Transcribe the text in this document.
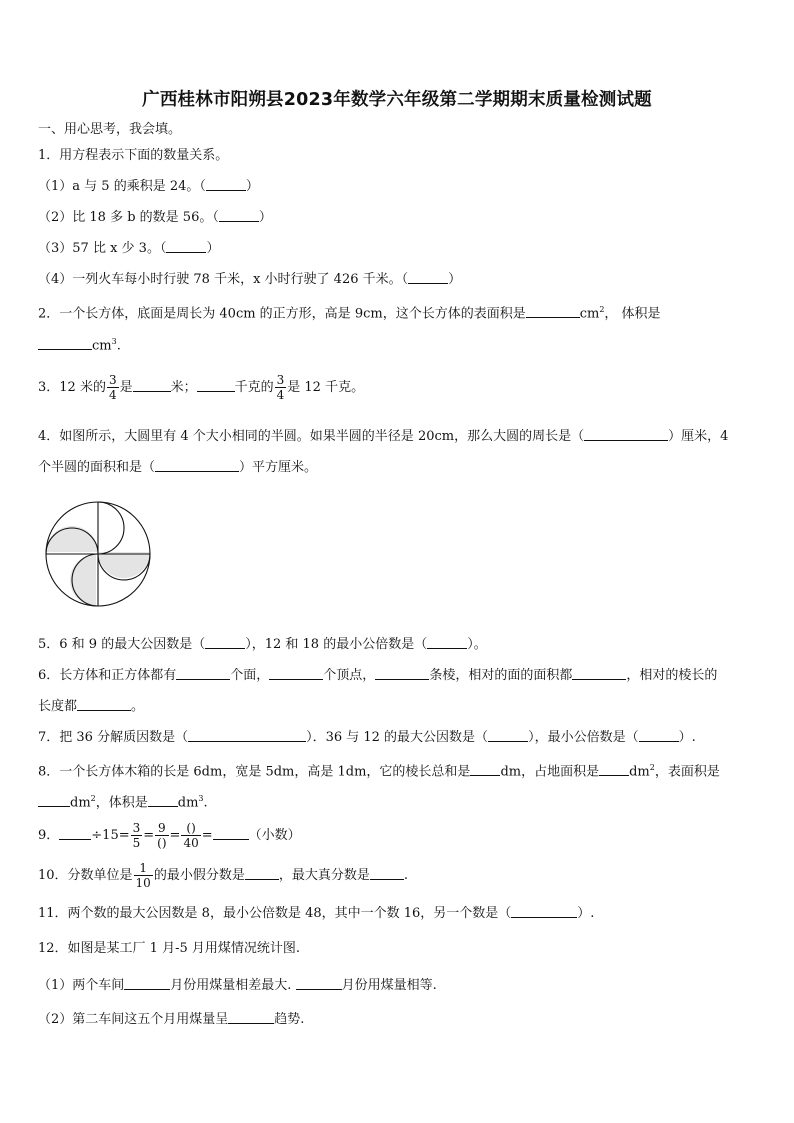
广西桂林市阳朔县2023年数学六年级第二学期期末质量检测试题
一、用心思考，我会填。
1．用方程表示下面的数量关系。
（1）a 与 5 的乘积是 24。（	）
（2）比 18 多 b 的数是 56。（	）
（3）57 比 x 少 3。（	）
（4）一列火车每小时行驶 78 千米，x 小时行驶了 426 千米。（	）
2．一个长方体，底面是周长为 40cm 的正方形，高是 9cm，这个长方体的表面积是	$cm^2$， 体积是
$cm^3$.
3．12 米的 $\frac{3}{4}$ 是	米；	千克的 $\frac{3}{4}$ 是 12 千克。
4．如图所示，大圆里有 4 个大小相同的半圆。如果半圆的半径是 20cm，那么大圆的周长是（	）厘米，4
个半圆的面积和是（	）平方厘米。
5．6 和 9 的最大公因数是（	），12 和 18 的最小公倍数是（	）。
6．长方体和正方体都有	个面，	个顶点，	条棱，相对的面的面积都	，相对的棱长的
长度都	。
7．把 36 分解质因数是（	）．36 与 12 的最大公因数是（	），最小公倍数是（	）.
8．一个长方体木箱的长是 6dm，宽是 5dm，高是 1dm，它的棱长总和是 dm，占地面积是 $dm^2$，表面积是
$dm^2$，体积是 $dm^3$.
9． $\div 15= \frac{3}{5} = \frac{9}{()} = \frac{()}{40}$ =	（小数）
10．分数单位是 $\frac{1}{10}$ 的最小假分数是	，最大真分数是	.
11．两个数的最大公因数是 8，最小公倍数是 48，其中一个数 16，另一个数是（	）.
12．如图是某工厂 1 月-5 月用煤情况统计图.
（1）两个车间	月份用煤量相差最大.	月份用煤量相等.
（2）第二车间这五个月用煤量呈	趋势.
